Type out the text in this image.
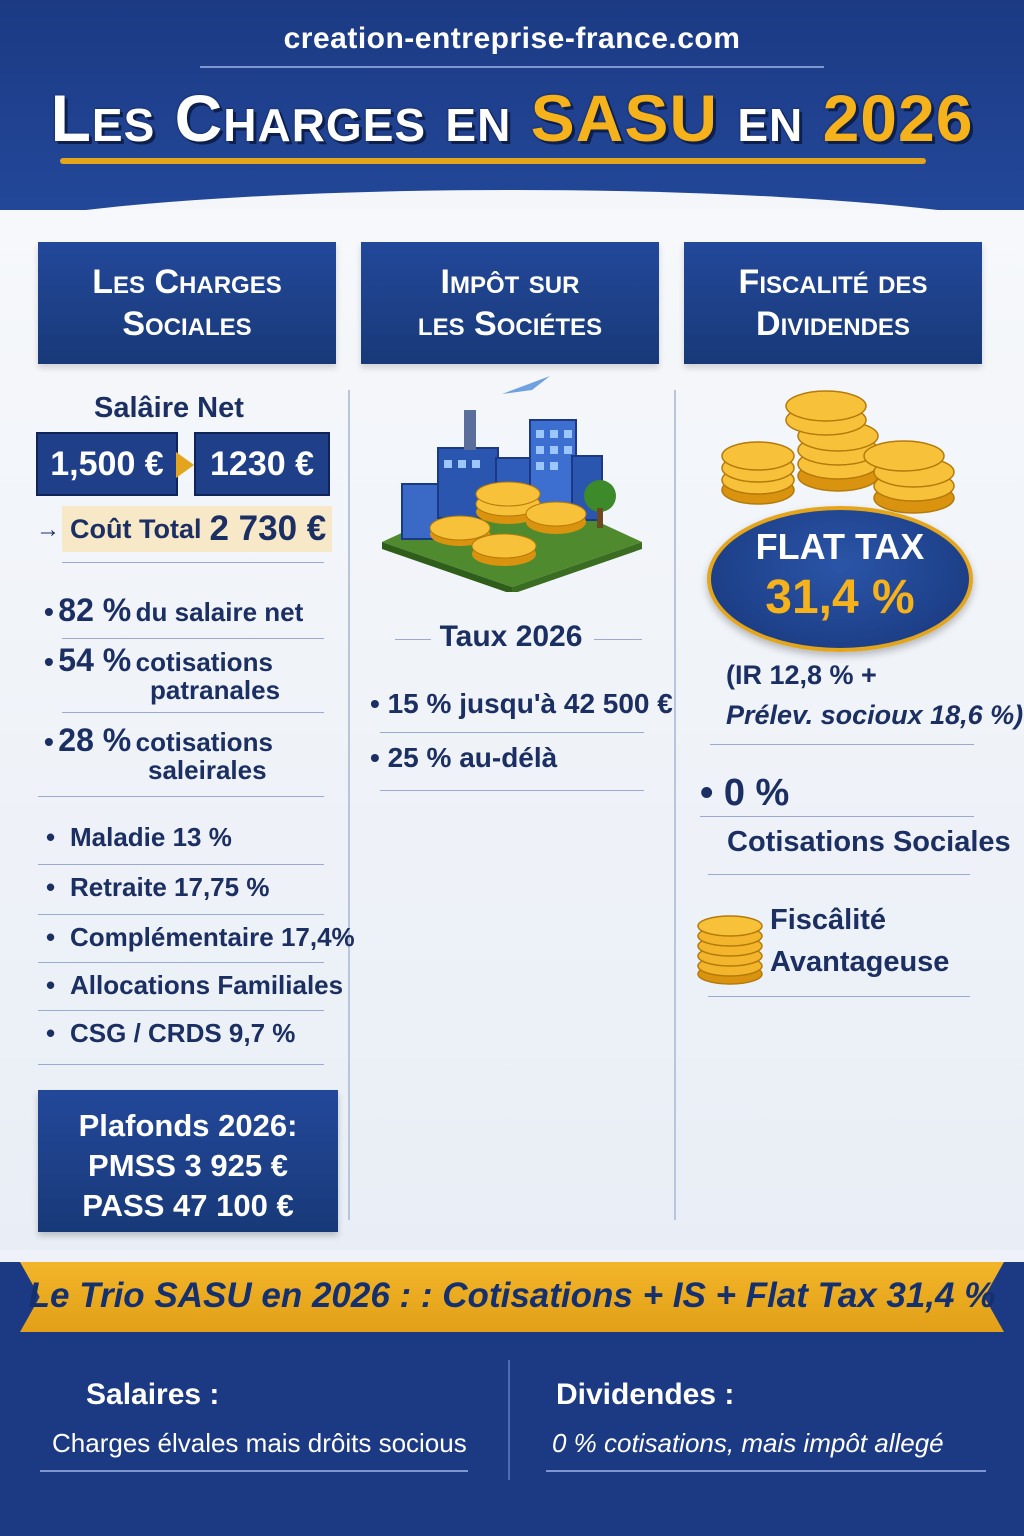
creation-entreprise-france.com
Les Charges en SASU en 2026
Les Charges
Sociales
Impôt sur
les Sociétes
Fiscalité des
Dividendes
Salâire Net
1,500 € 1230 €
→ Coût Total 2 730 €
• 82 % du salaire net
• 54 % cotisations
patranales
• 28 % cotisations
saleirales
• Maladie 13 %
• Retraite 17,75 %
• Complémentaire 17,4%
• Allocations Familiales
• CSG / CRDS 9,7 %
Plafonds 2026:
PMSS 3 925 €
PASS 47 100 €
Taux 2026
• 15 % jusqu'à 42 500 €
• 25 % au-délà
FLAT TAX
31,4 %
(IR 12,8 % +
Prélev. socioux 18,6 %)
• 0 %
Cotisations Sociales
Fiscâlité
Avantageuse
Le Trio SASU en 2026 : : Cotisations + IS + Flat Tax 31,4 %
Salaires :
Charges élvales mais drôits socious
Dividendes :
0 % cotisations, mais impôt allegé
